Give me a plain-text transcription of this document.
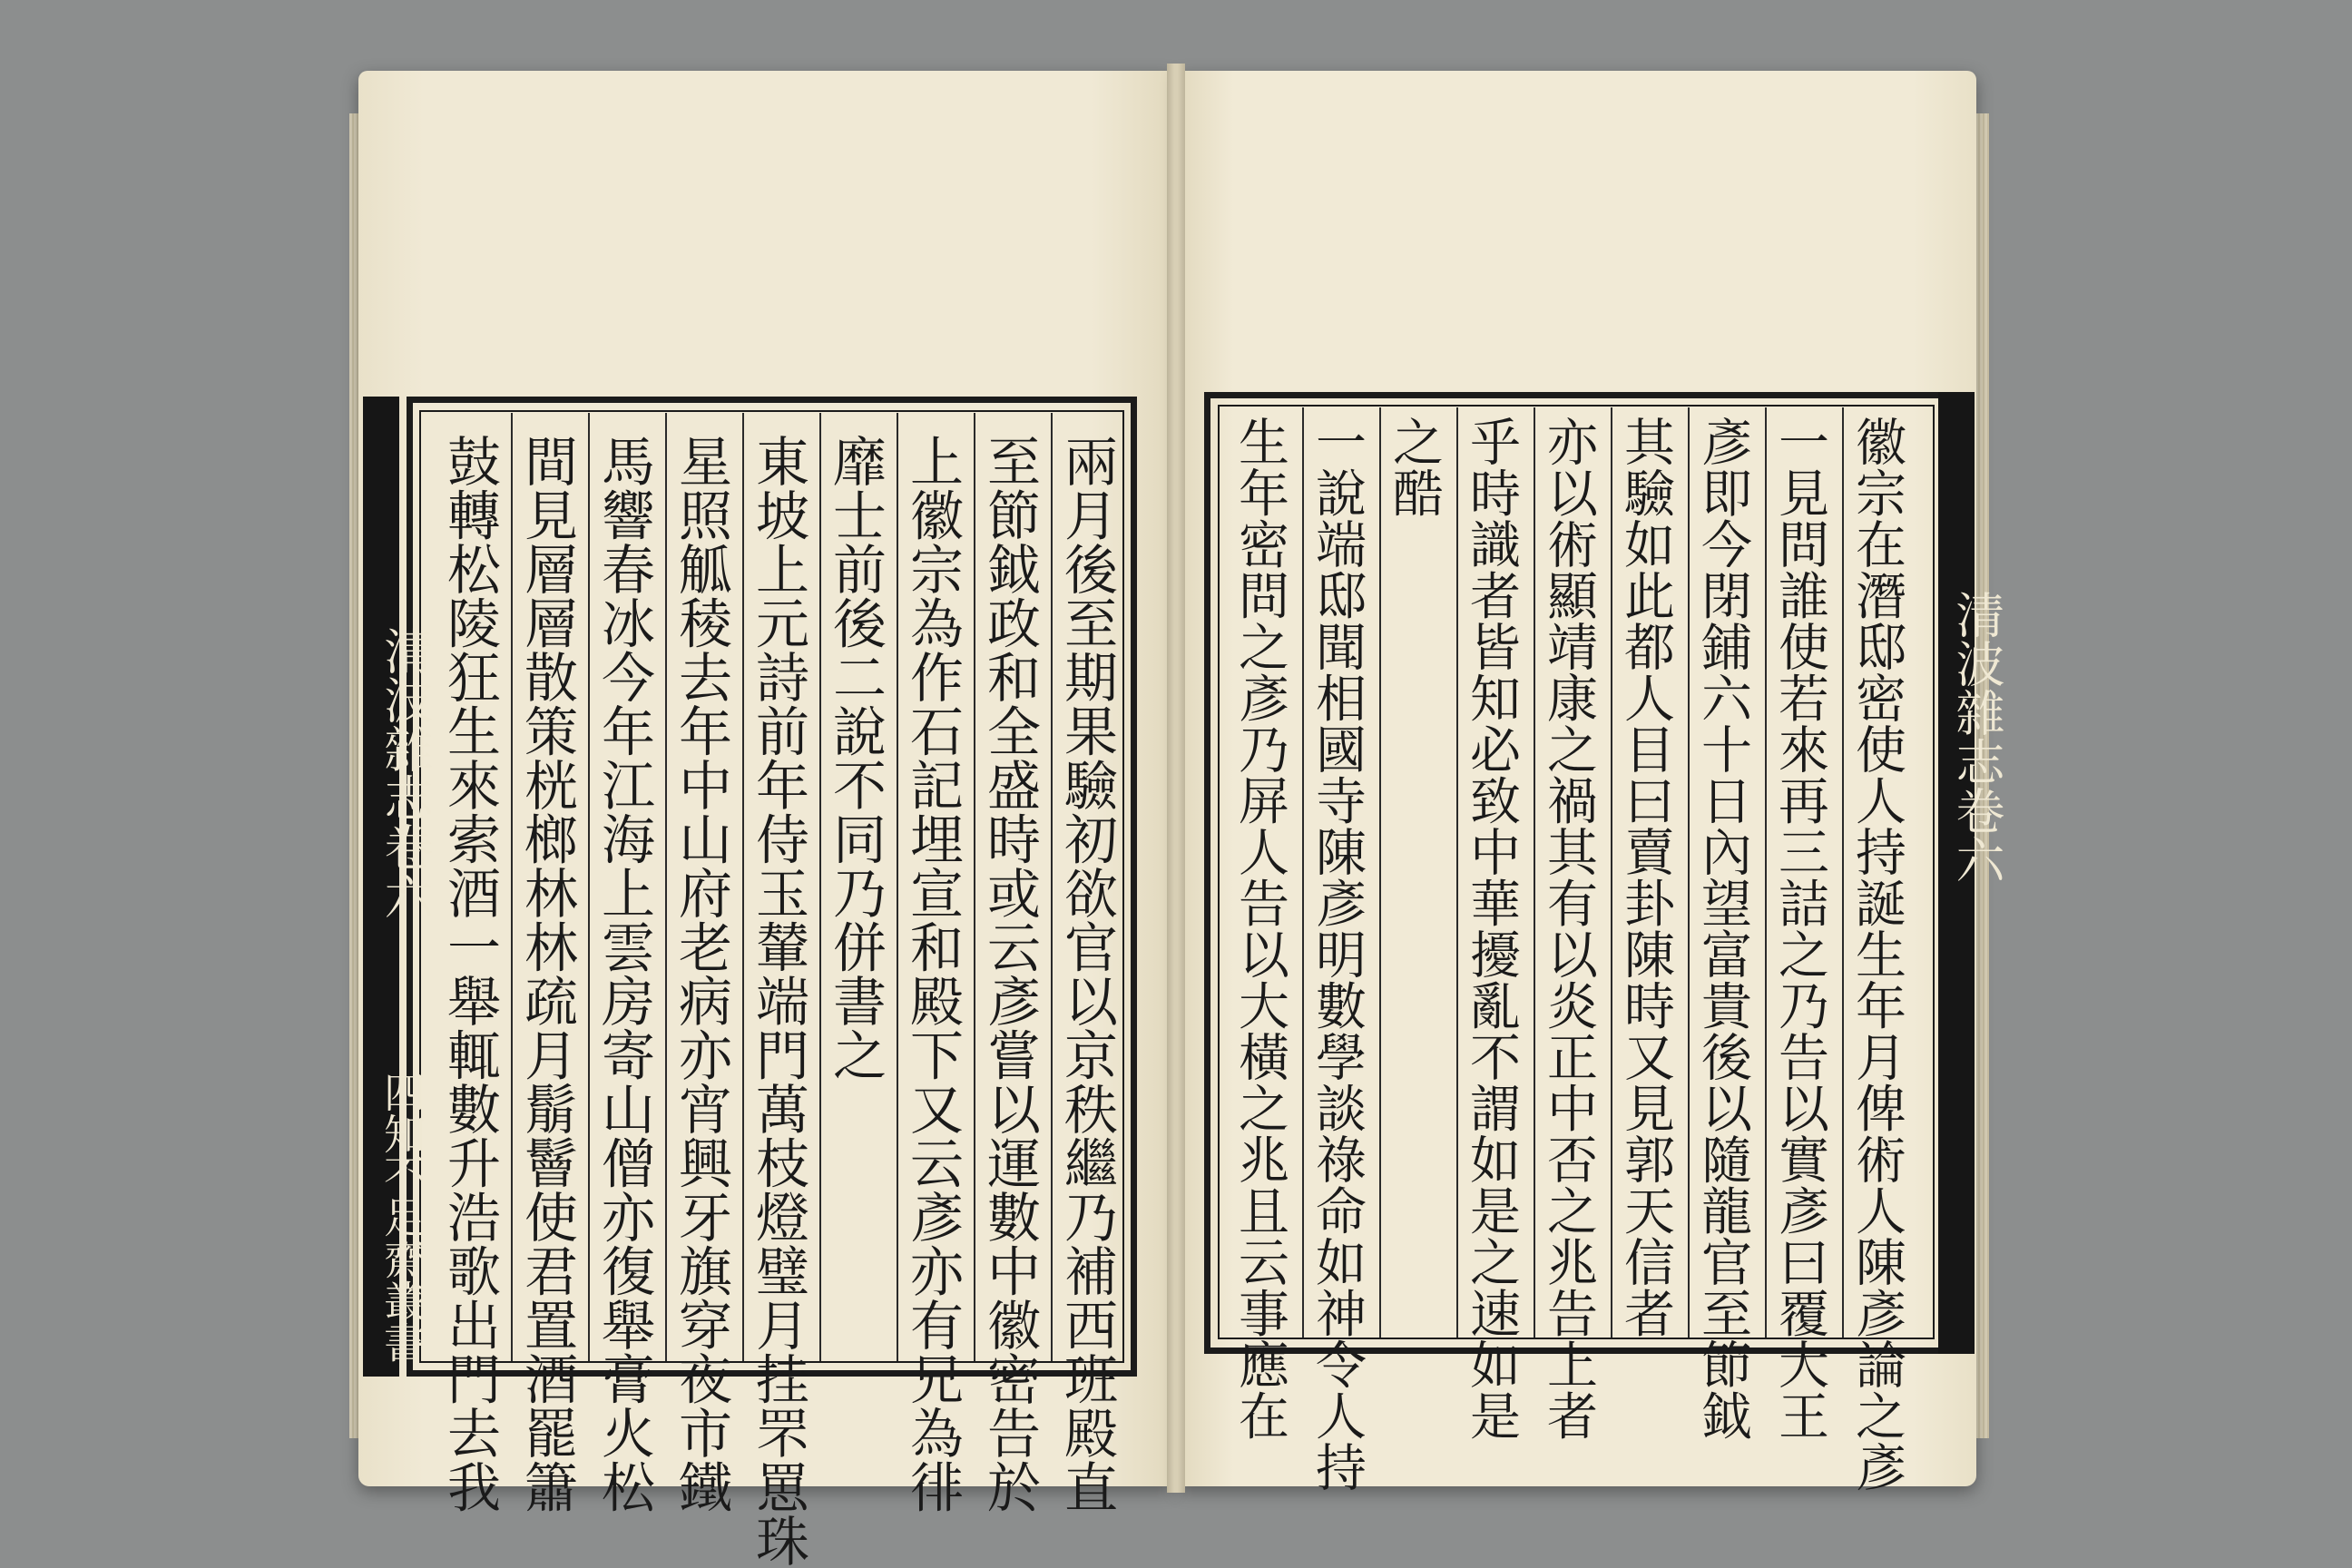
清波雜志卷六
四知不足齋叢書
清波雜志卷六
兩月後至期果驗初欲官以京秩繼乃補西班殿直
至節鉞政和全盛時或云彥嘗以運數中徽密告於
上徽宗為作石記埋宣和殿下又云彥亦有兄為徘
靡士前後二說不同乃併書之
東坡上元詩前年侍玉輦端門萬枝燈璧月挂罘罳珠
星照觚稜去年中山府老病亦宵興牙旗穿夜市鐵
馬響春冰今年江海上雲房寄山僧亦復舉膏火松
間見層層散策桄榔林林疏月鬅鬙使君置酒罷簫
鼓轉松陵狂生來索酒一舉輒數升浩歌出門去我	徽宗在潛邸密使人持誕生年月俾術人陳彥論之彥
一見問誰使若來再三詰之乃告以實彥曰覆大王
彥即今閉鋪六十日內望富貴後以隨龍官至節鉞
其驗如此都人目曰賣卦陳時又見郭天信者
亦以術顯靖康之禍其有以炎正中否之兆告上者
乎時識者皆知必致中華擾亂不謂如是之速如是
之酷
一說端邸聞相國寺陳彥明數學談祿命如神令人持
生年密問之彥乃屏人告以大橫之兆且云事應在
